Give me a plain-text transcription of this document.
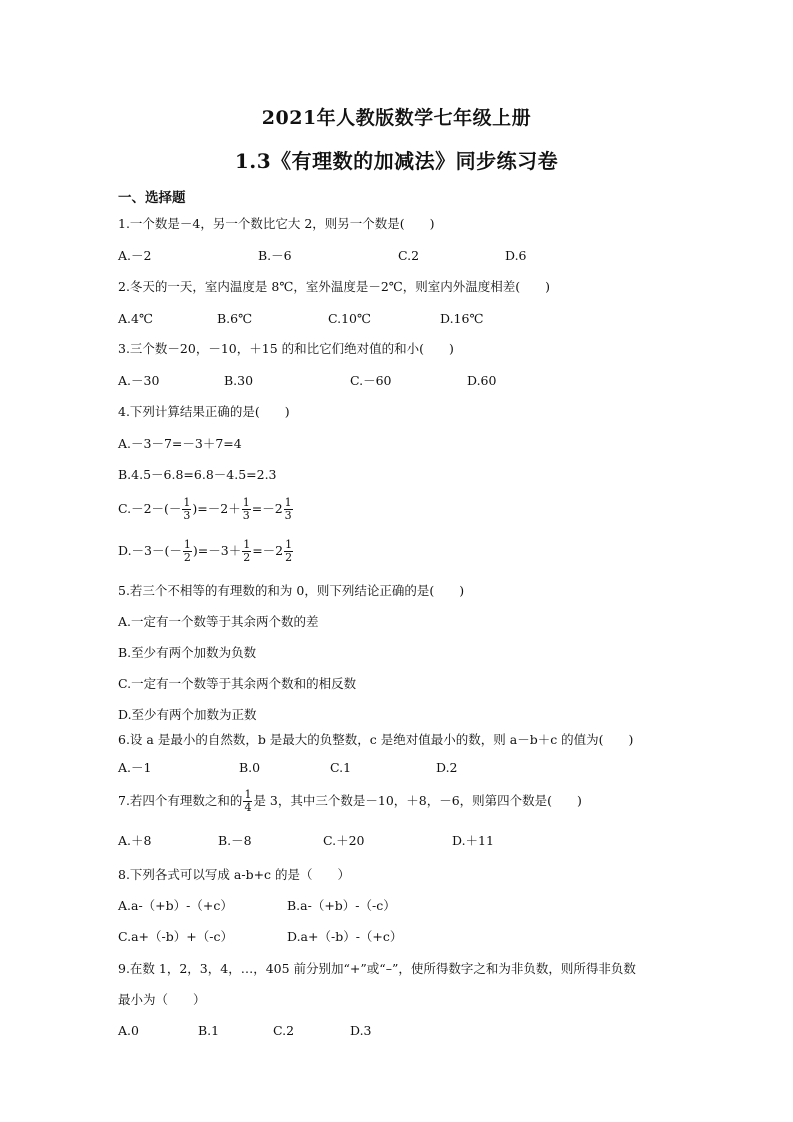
2021年人教版数学七年级上册
1.3《有理数的加减法》同步练习卷
一、选择题
1.一个数是－4，另一个数比它大 2，则另一个数是(　　)
A.－2	B.－6	C.2	D.6
2.冬天的一天，室内温度是 8℃，室外温度是－2℃，则室内外温度相差(　　)
A.4℃	B.6℃	C.10℃	D.16℃
3.三个数－20，－10，＋15 的和比它们绝对值的和小(　　)
A.－30	B.30	C.－60	D.60
4.下列计算结果正确的是(　　)
A.－3－7=－3＋7=4
B.4.5－6.8=6.8－4.5=2.3
$C.-2-(- \frac{1}{3} )=-2+ \frac{1}{3} =-2 \frac{1}{3}$
$D.-3-(- \frac{1}{2} )=-3+ \frac{1}{2} =-2 \frac{1}{2}$
5.若三个不相等的有理数的和为 0，则下列结论正确的是(　　)
A.一定有一个数等于其余两个数的差
B.至少有两个加数为负数
C.一定有一个数等于其余两个数和的相反数
D.至少有两个加数为正数
6.设 a 是最小的自然数，b 是最大的负整数，c 是绝对值最小的数，则 a－b＋c 的值为(　　)
A.－1	B.0	C.1	D.2
7.若四个有理数之和的 $\frac{1}{4}$ 是 3，其中三个数是－10，＋8，－6，则第四个数是(　　)
A.＋8	B.－8	C.＋20	D.＋11
8.下列各式可以写成 a-b+c 的是（　　）
A.a-（+b）-（+c）	B.a-（+b）-（-c）
C.a+（-b）+（-c）	D.a+（-b）-（+c）
9.在数 1，2，3，4，…，405 前分别加“+”或“–”，使所得数字之和为非负数，则所得非负数
最小为（　　）
A.0	B.1	C.2	D.3
